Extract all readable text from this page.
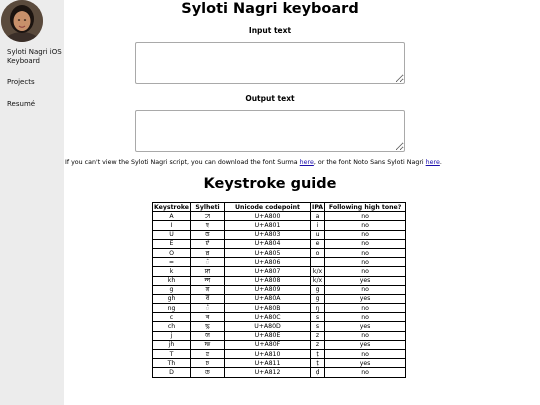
Syloti Nagri iOS Keyboard
Projects
Resumé
Syloti Nagri keyboard
Input text
Output text

If you can't view the Syloti Nagri script, you can download the font Surma here, or the font Noto Sans Syloti Nagri here.

Keystroke guide
Keystroke	Sylheti	Unicode codepoint	IPA	Following high tone?
A	ꠀ	U+A800	a	no
I	ꠁ	U+A801	i	no
U	ꠃ	U+A803	u	no
E	ꠄ	U+A804	e	no
O	ꠅ	U+A805	o	no
=	꠆	U+A806		no
k	ꠇ	U+A807	k/x	no
kh	ꠈ	U+A808	k/x	yes
g	ꠉ	U+A809	g	no
gh	ꠊ	U+A80A	g	yes
ng	ꠋ	U+A80B	ŋ	no
c	ꠌ	U+A80C	s	no
ch	ꠍ	U+A80D	s	yes
j	ꠎ	U+A80E	z	no
jh	ꠏ	U+A80F	z	yes
T	ꠐ	U+A810	ṭ	no
Th	ꠑ	U+A811	ṭ	yes
D	ꠒ	U+A812	ḍ	no
